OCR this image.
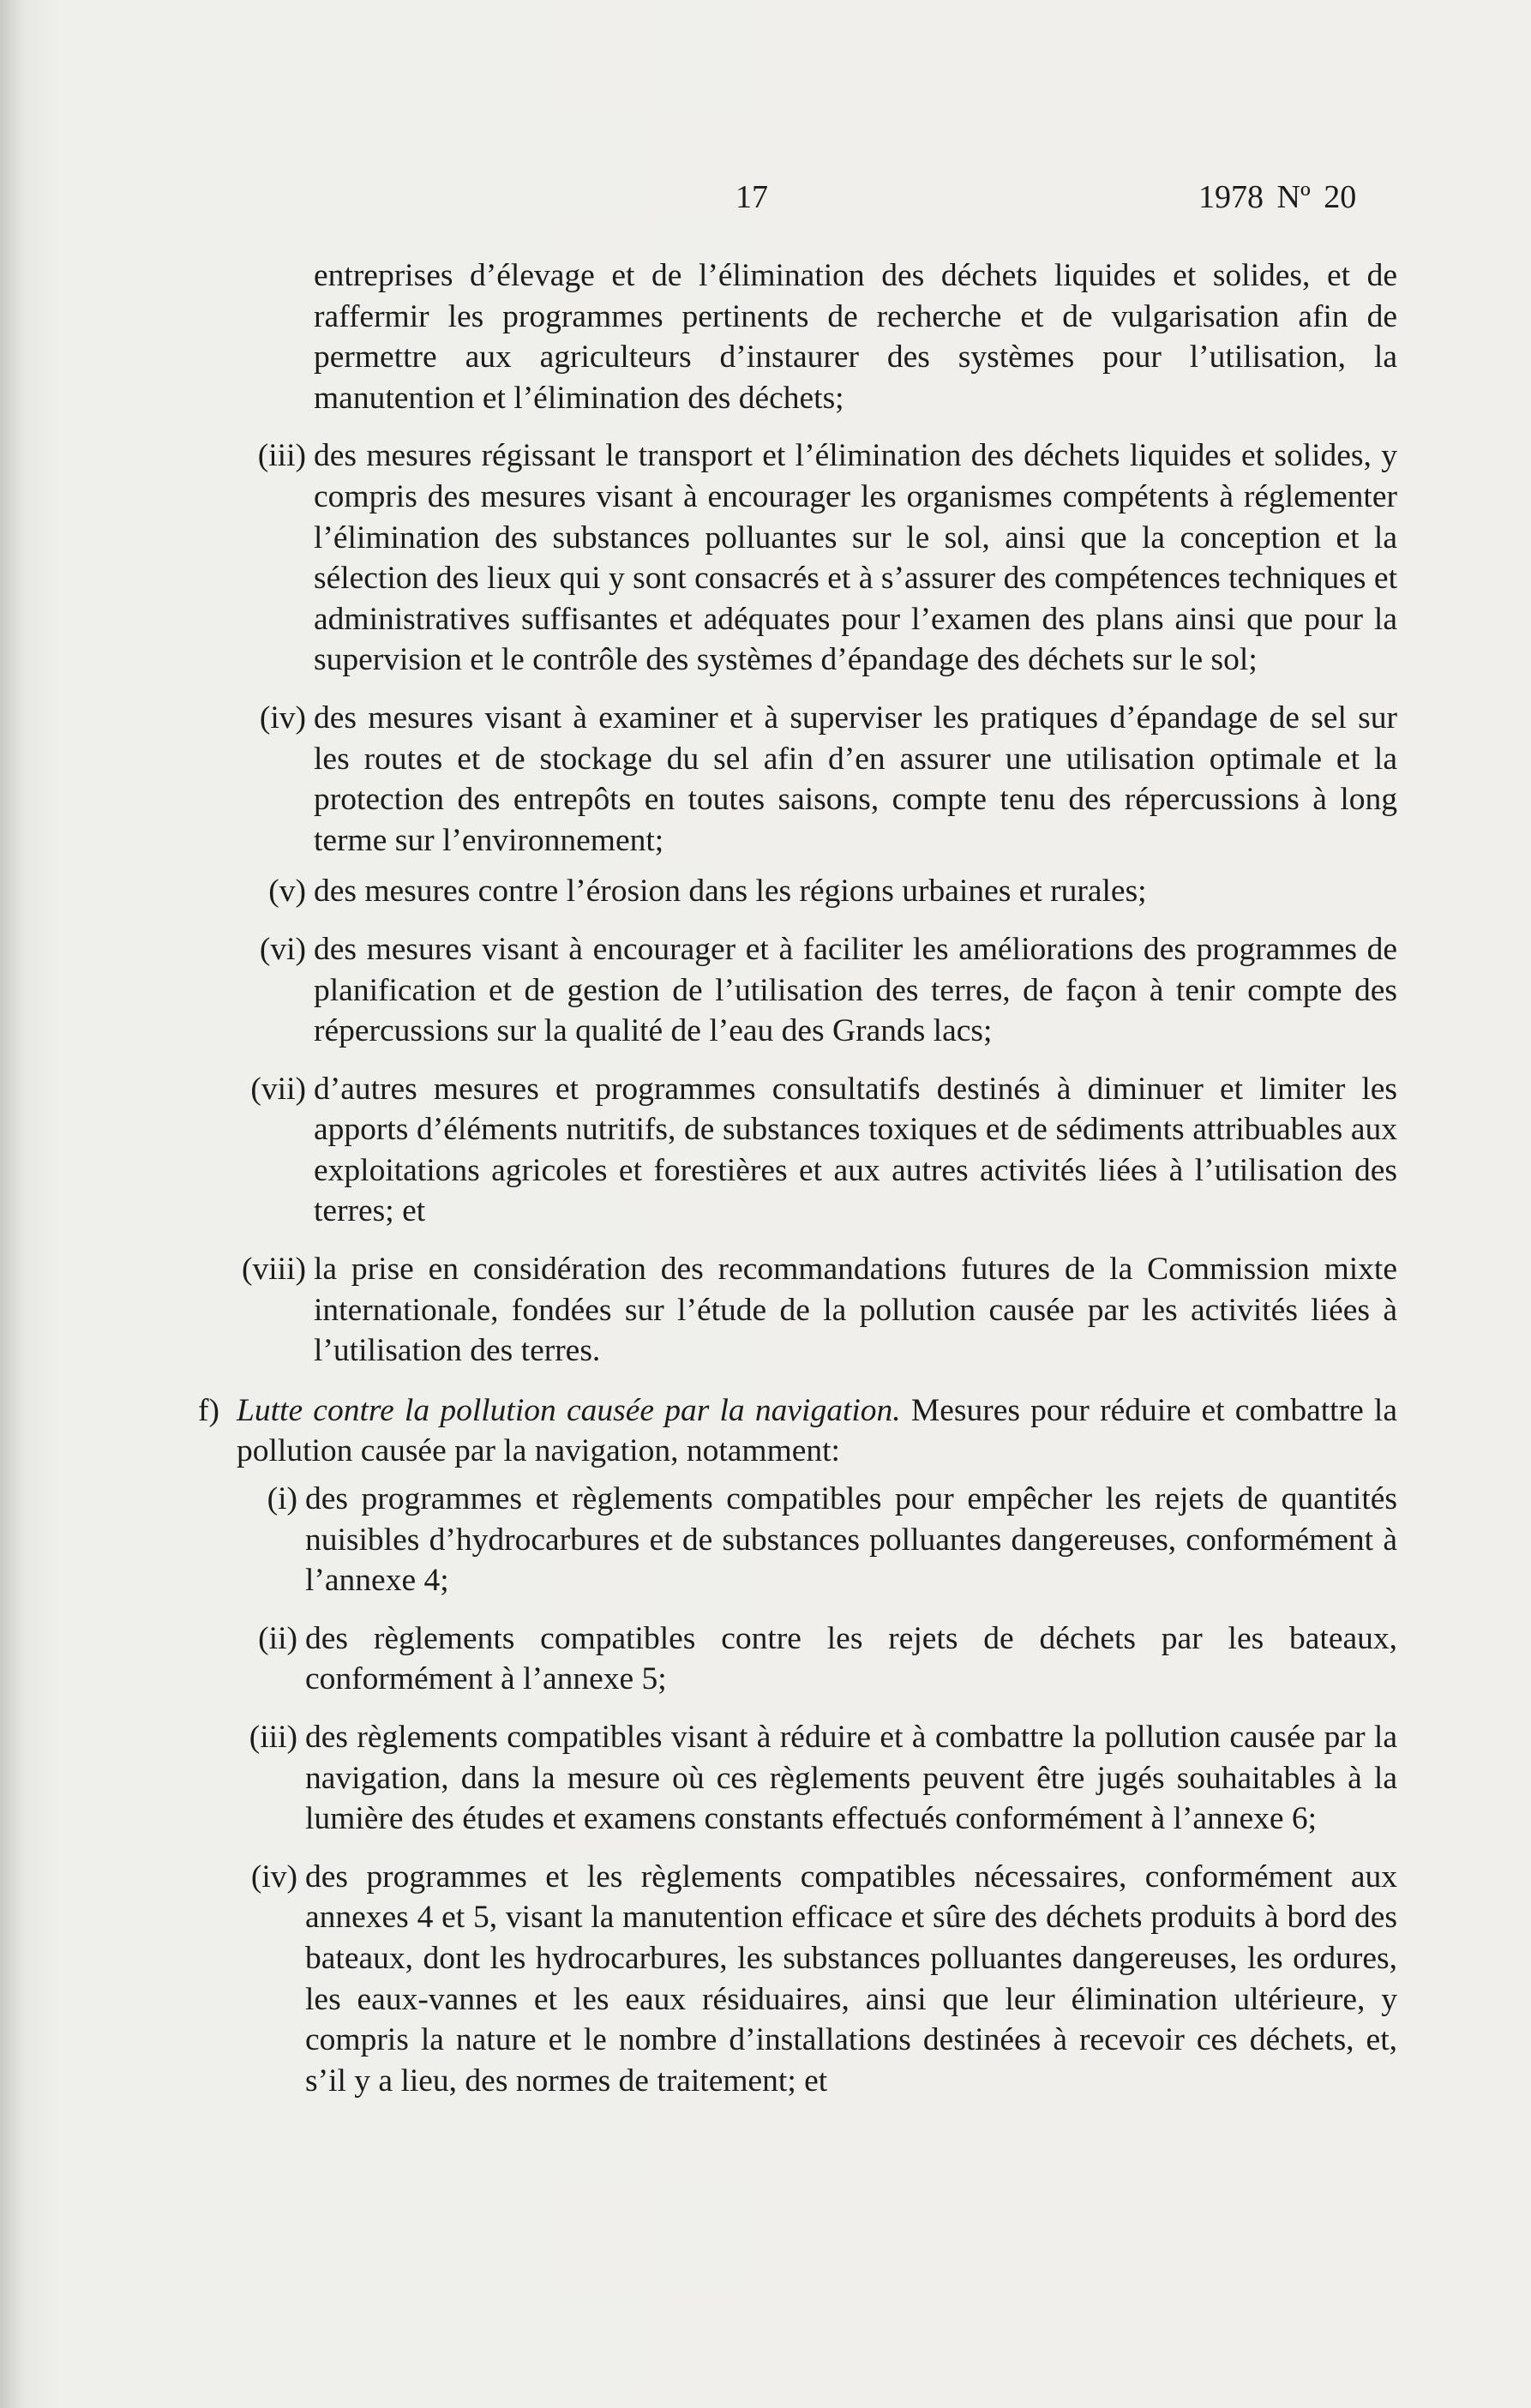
17	1978 Nº 20
entreprises d’élevage et de l’élimination des déchets liquides et solides, et de raffermir les programmes pertinents de recherche et de vulgarisation afin de permettre aux agriculteurs d’instaurer des systèmes pour l’utilisation, la manutention et l’élimination des déchets;
(iii) des mesures régissant le transport et l’élimination des déchets liquides et solides, y compris des mesures visant à encourager les organismes compétents à réglementer l’élimination des substances polluantes sur le sol, ainsi que la conception et la sélection des lieux qui y sont consacrés et à s’assurer des compétences techniques et administratives suffisantes et adéquates pour l’examen des plans ainsi que pour la supervision et le contrôle des systèmes d’épandage des déchets sur le sol;
(iv) des mesures visant à examiner et à superviser les pratiques d’épandage de sel sur les routes et de stockage du sel afin d’en assurer une utilisation optimale et la protection des entrepôts en toutes saisons, compte tenu des répercussions à long terme sur l’environnement;
(v) des mesures contre l’érosion dans les régions urbaines et rurales;
(vi) des mesures visant à encourager et à faciliter les améliorations des programmes de planification et de gestion de l’utilisation des terres, de façon à tenir compte des répercussions sur la qualité de l’eau des Grands lacs;
(vii) d’autres mesures et programmes consultatifs destinés à diminuer et limiter les apports d’éléments nutritifs, de substances toxiques et de sédiments attribuables aux exploitations agricoles et forestières et aux autres activités liées à l’utilisation des terres; et
(viii) la prise en considération des recommandations futures de la Commission mixte internationale, fondées sur l’étude de la pollution causée par les activités liées à l’utilisation des terres.
f) Lutte contre la pollution causée par la navigation. Mesures pour réduire et combattre la pollution causée par la navigation, notamment:
(i) des programmes et règlements compatibles pour empêcher les rejets de quantités nuisibles d’hydrocarbures et de substances polluantes dangereuses, conformément à l’annexe 4;
(ii) des règlements compatibles contre les rejets de déchets par les bateaux, conformément à l’annexe 5;
(iii) des règlements compatibles visant à réduire et à combattre la pollution causée par la navigation, dans la mesure où ces règlements peuvent être jugés souhaitables à la lumière des études et examens constants effectués conformément à l’annexe 6;
(iv) des programmes et les règlements compatibles nécessaires, conformément aux annexes 4 et 5, visant la manutention efficace et sûre des déchets produits à bord des bateaux, dont les hydrocarbures, les substances polluantes dangereuses, les ordures, les eaux-vannes et les eaux résiduaires, ainsi que leur élimination ultérieure, y compris la nature et le nombre d’installations destinées à recevoir ces déchets, et, s’il y a lieu, des normes de traitement; et
